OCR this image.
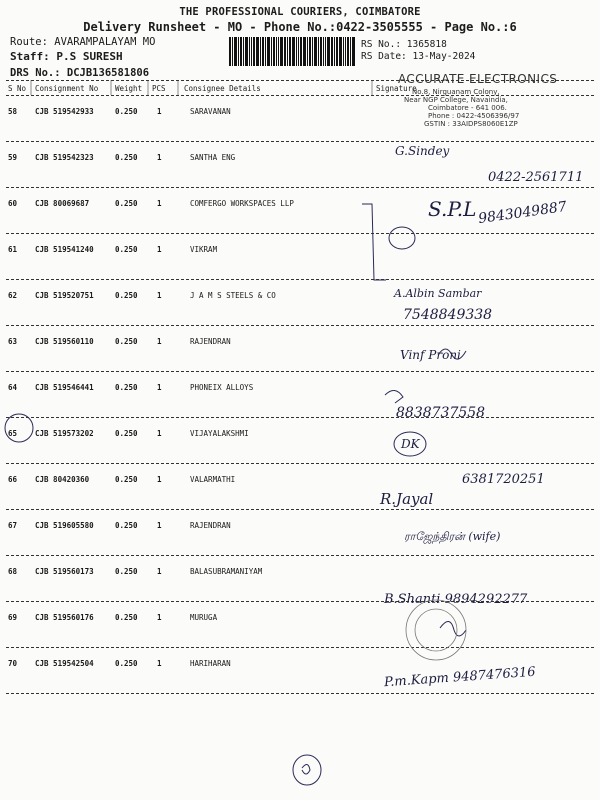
THE PROFESSIONAL COURIERS, COIMBATORE
Delivery Runsheet - MO - Phone No.:0422-3505555 - Page No.:6
Route: AVARAMPALAYAM MO
Staff: P.S SURESH
DRS No.: DCJB136581806
RS No.: 1365818
RS Date: 13-May-2024
S No Consignment No Weight PCS Consignee Details	Signature
58 CJB 519542933	0.250	1	SARAVANAN
59 CJB 519542323	0.250	1	SANTHA ENG
60 CJB 80069687	0.250	1	COMFERGO WORKSPACES LLP
61 CJB 519541240	0.250	1	VIKRAM
62 CJB 519520751	0.250	1	J A M S STEELS & CO
63 CJB 519560110	0.250	1	RAJENDRAN
64 CJB 519546441	0.250	1	PHONEIX ALLOYS
65 CJB 519573202	0.250	1	VIJAYALAKSHMI
66 CJB 80420360	0.250	1	VALARMATHI
67 CJB 519605580	0.250	1	RAJENDRAN
68 CJB 519560173	0.250	1	BALASUBRAMANIYAM
69 CJB 519560176	0.250	1	MURUGA
70 CJB 519542504	0.250	1	HARIHARAN
ACCURATE ELECTRONICS
No.8, Nirguanam Colony,
Near NGP College, Navaindia,
Coimbatore - 641 006.
Phone : 0422-4506396/97
GSTIN : 33AIDPS8060E1ZP
G.Sindey
0422-2561711
S.P.L 9843049887
A.Albin Sambar
7548849338
Vinf Proni
8838737558
DK
6381720251
R.Jayal
ராஜேந்திரன் (wife)
B.Shanti 9894292277
P.m.Kapm 9487476316
